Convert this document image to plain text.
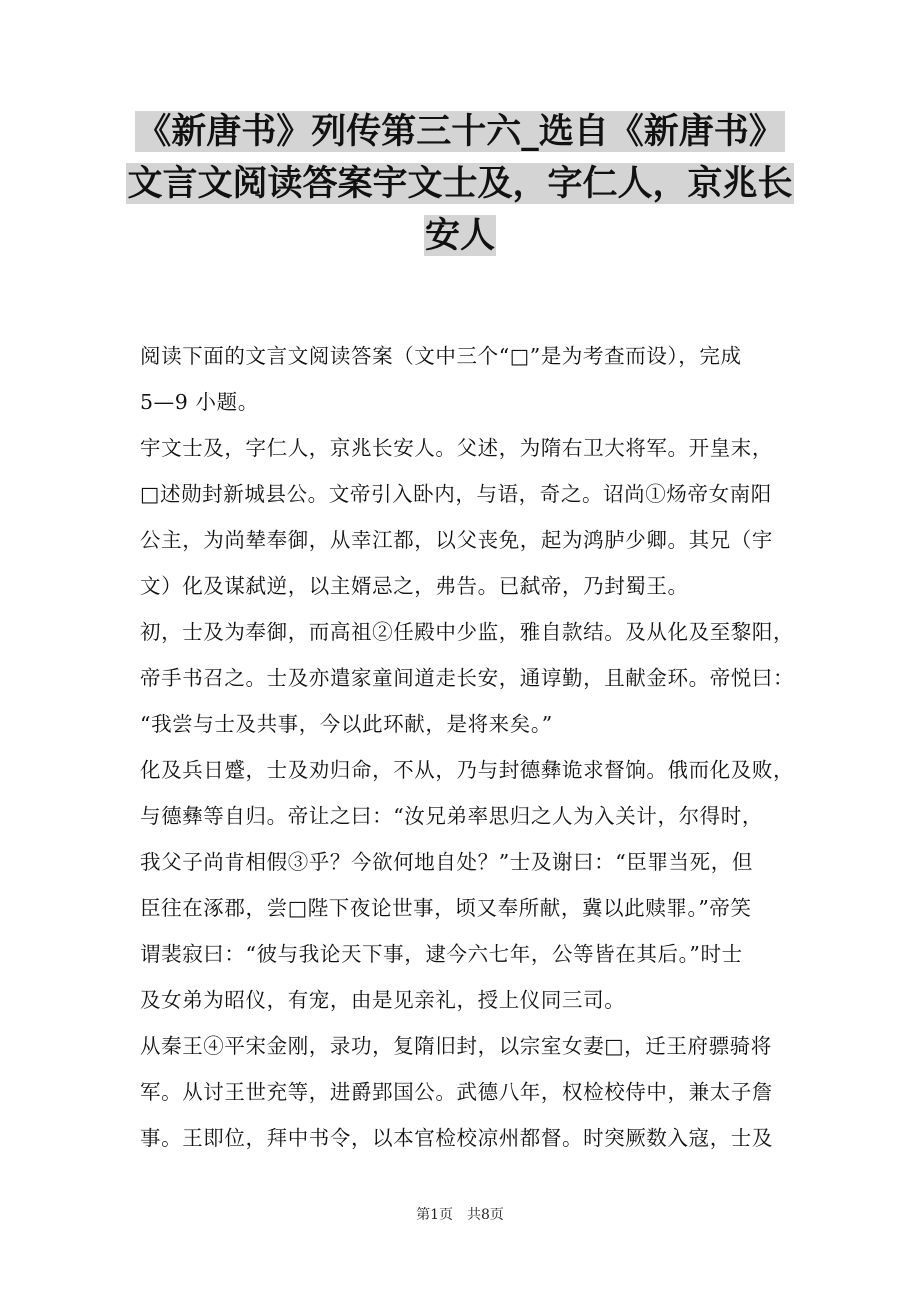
《新唐书》列传第三十六_选自《新唐书》
文言文阅读答案宇文士及，字仁人，京兆长
安人
阅读下面的文言文阅读答案（文中三个“□”是为考查而设），完成
5—9 小题。
宇文士及，字仁人，京兆长安人。父述，为隋右卫大将军。开皇末，
□述勋封新城县公。文帝引入卧内，与语，奇之。诏尚①炀帝女南阳
公主，为尚辇奉御，从幸江都，以父丧免，起为鸿胪少卿。其兄（宇
文）化及谋弑逆，以主婿忌之，弗告。已弑帝，乃封蜀王。
初，士及为奉御，而高祖②任殿中少监，雅自款结。及从化及至黎阳，
帝手书召之。士及亦遣家童间道走长安，通谆勤，且献金环。帝悦曰：
“我尝与士及共事，今以此环献，是将来矣。”
化及兵日蹙，士及劝归命，不从，乃与封德彝诡求督饷。俄而化及败，
与德彝等自归。帝让之曰：“汝兄弟率思归之人为入关计，尔得时，
我父子尚肯相假③乎？今欲何地自处？”士及谢曰：“臣罪当死，但
臣往在涿郡，尝□陛下夜论世事，顷又奉所献，冀以此赎罪。”帝笑
谓裴寂曰：“彼与我论天下事，逮今六七年，公等皆在其后。”时士
及女弟为昭仪，有宠，由是见亲礼，授上仪同三司。
从秦王④平宋金刚，录功，复隋旧封，以宗室女妻□，迁王府骠骑将
军。从讨王世充等，进爵郢国公。武德八年，权检校侍中，兼太子詹
事。王即位，拜中书令，以本官检校凉州都督。时突厥数入寇，士及
第1页　共8页
